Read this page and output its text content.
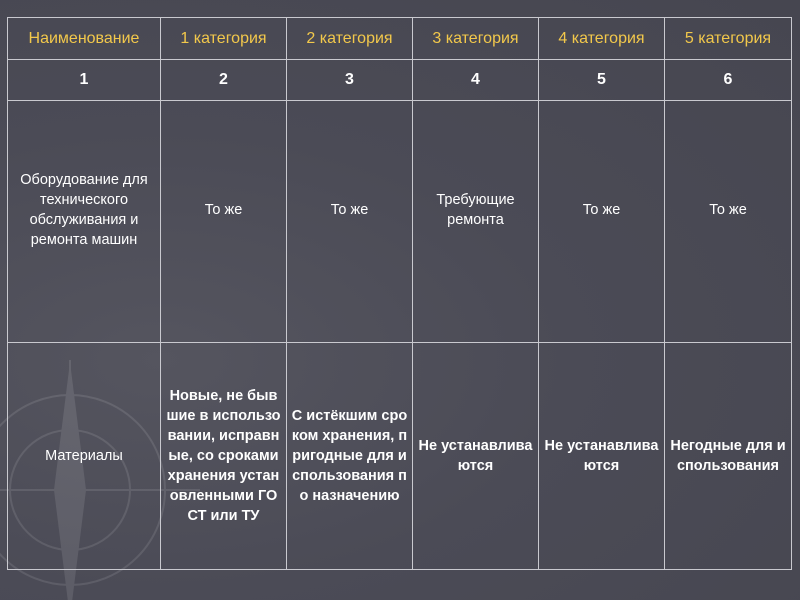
Наименование	1 категория	2 категория	3 категория	4 категория	5 категория
1	2	3	4	5	6
Оборудование для технического обслуживания и ремонта машин	То же	То же	Требующие ремонта	То же	То же

Материалы	Новые, не бывшие в использовании, исправные, со сроками хранения установленными ГОСТ или ТУ	С истёкшим сроком хранения, пригодные для использования по назначению	Не устанавливаются	Не устанавливаются	Негодные для использования
